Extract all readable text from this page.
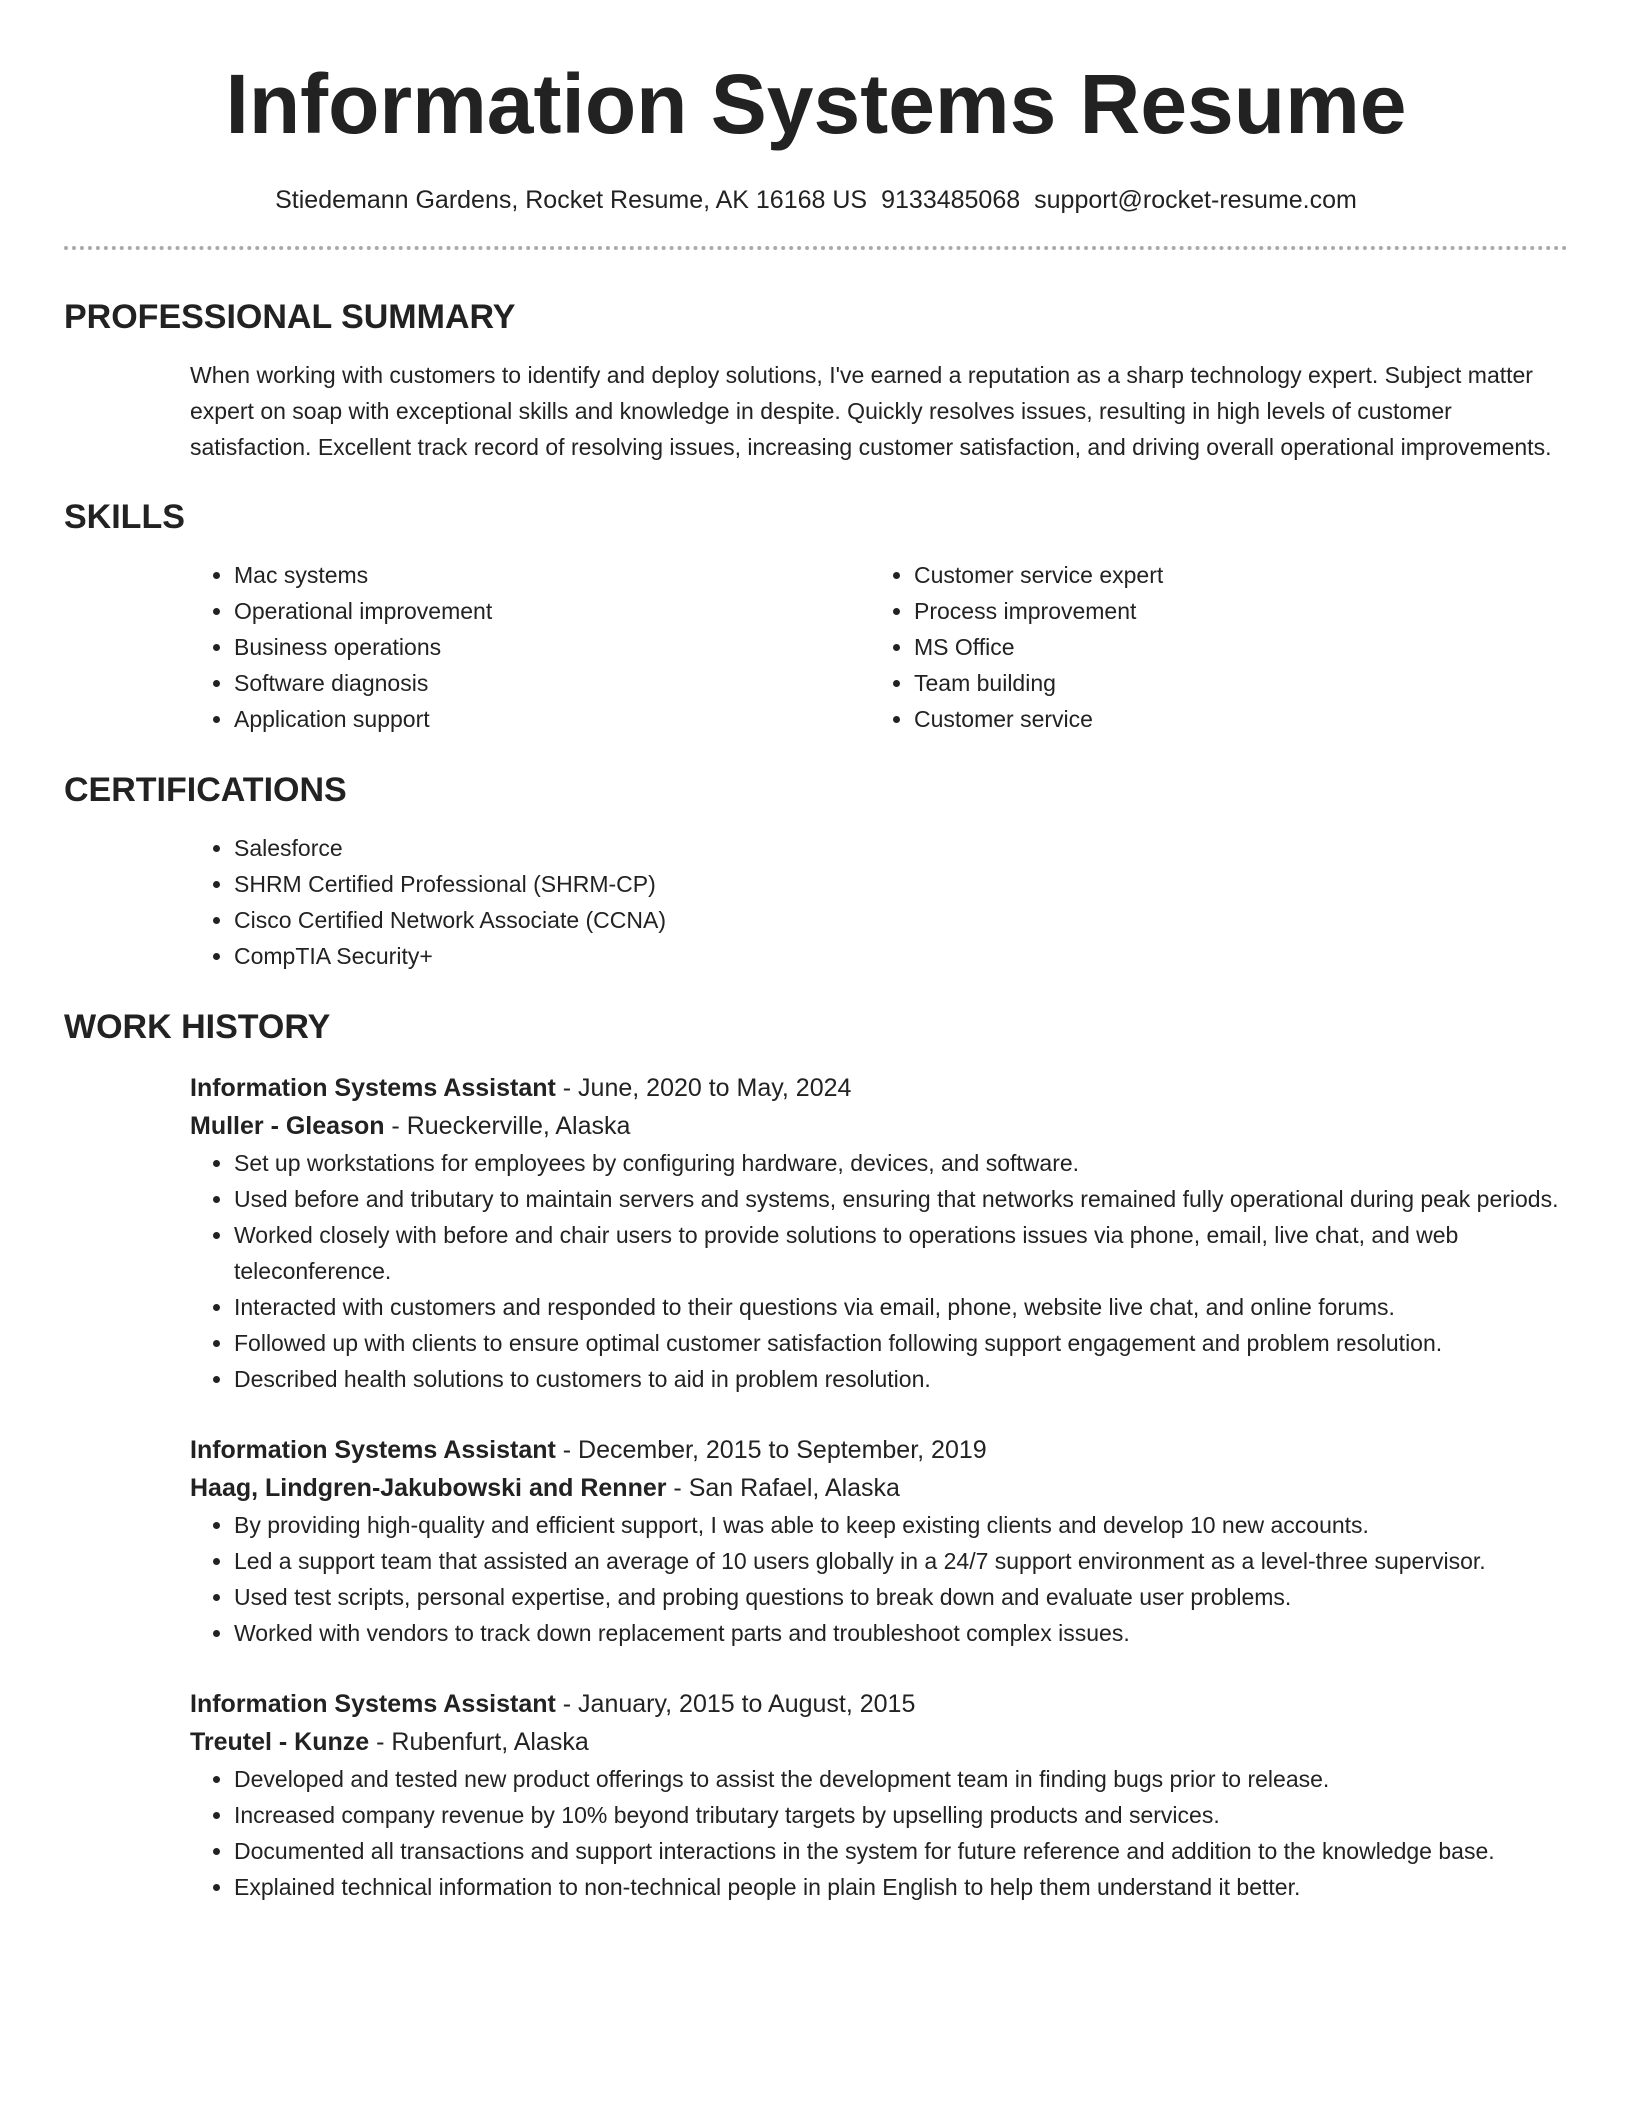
Information Systems Resume
Stiedemann Gardens, Rocket Resume, AK 16168 US 9133485068 support@rocket-resume.com
PROFESSIONAL SUMMARY

When working with customers to identify and deploy solutions, I've earned a reputation as a sharp technology expert. Subject matter expert on soap with exceptional skills and knowledge in despite. Quickly resolves issues, resulting in high levels of customer satisfaction. Excellent track record of resolving issues, increasing customer satisfaction, and driving overall operational improvements.

SKILLS
• Mac systems
• Operational improvement
• Business operations
• Software diagnosis
• Application support
• Customer service expert
• Process improvement
• MS Office
• Team building
• Customer service
CERTIFICATIONS
• Salesforce
• SHRM Certified Professional (SHRM-CP)
• Cisco Certified Network Associate (CCNA)
• CompTIA Security+
WORK HISTORY
Information Systems Assistant - June, 2020 to May, 2024
Muller - Gleason - Rueckerville, Alaska
• Set up workstations for employees by configuring hardware, devices, and software.
• Used before and tributary to maintain servers and systems, ensuring that networks remained fully operational during peak periods.
• Worked closely with before and chair users to provide solutions to operations issues via phone, email, live chat, and web teleconference.
• Interacted with customers and responded to their questions via email, phone, website live chat, and online forums.
• Followed up with clients to ensure optimal customer satisfaction following support engagement and problem resolution.
• Described health solutions to customers to aid in problem resolution.
Information Systems Assistant - December, 2015 to September, 2019
Haag, Lindgren-Jakubowski and Renner - San Rafael, Alaska
• By providing high-quality and efficient support, I was able to keep existing clients and develop 10 new accounts.
• Led a support team that assisted an average of 10 users globally in a 24/7 support environment as a level-three supervisor.
• Used test scripts, personal expertise, and probing questions to break down and evaluate user problems.
• Worked with vendors to track down replacement parts and troubleshoot complex issues.
Information Systems Assistant - January, 2015 to August, 2015
Treutel - Kunze - Rubenfurt, Alaska
• Developed and tested new product offerings to assist the development team in finding bugs prior to release.
• Increased company revenue by 10% beyond tributary targets by upselling products and services.
• Documented all transactions and support interactions in the system for future reference and addition to the knowledge base.
• Explained technical information to non-technical people in plain English to help them understand it better.
